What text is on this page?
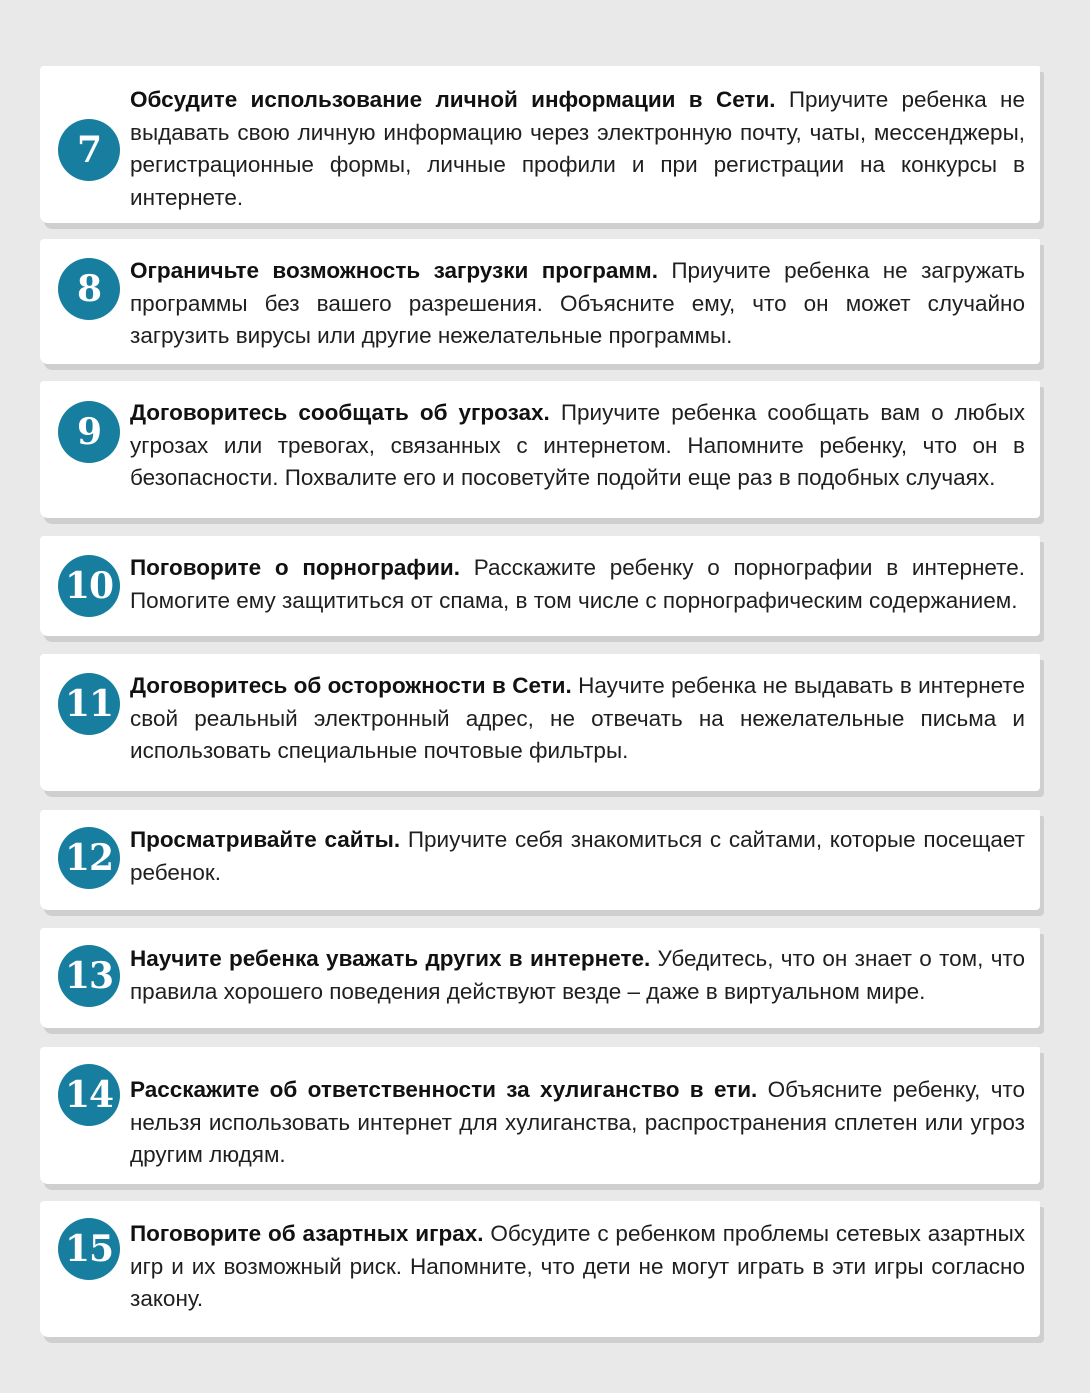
7
Обсудите использование личной информации в Сети. Приучите ребенка не выдавать свою личную информацию через электронную почту, чаты, мессенджеры, регистрационные формы, личные профили и при регистрации на конкурсы в интернете.
8	Ограничьте возможность загрузки программ. Приучите ребенка не загружать программы без вашего разрешения. Объясните ему, что он может случайно загрузить вирусы или другие нежелательные программы.
9	Договоритесь сообщать об угрозах. Приучите ребенка сообщать вам о любых угрозах или тревогах, связанных с интернетом. Напомните ребенку, что он в безопасности. Похвалите его и посоветуйте подойти еще раз в подобных случаях.
10 Поговорите о порнографии. Расскажите ребенку о порнографии в интернете. Помогите ему защититься от спама, в том числе с порнографическим содержанием.
11 Договоритесь об осторожности в Сети. Научите ребенка не выдавать в интернете свой реальный электронный адрес, не отвечать на нежелательные письма и использовать специальные почтовые фильтры.
12 Просматривайте сайты. Приучите себя знакомиться с сайтами, которые посещает ребенок.
13 Научите ребенка уважать других в интернете. Убедитесь, что он знает о том, что правила хорошего поведения действуют везде – даже в виртуальном мире.
14 Расскажите об ответственности за хулиганство в ети. Объясните ребенку, что нельзя использовать интернет для хулиганства, распространения сплетен или угроз другим людям.
15 Поговорите об азартных играх. Обсудите с ребенком проблемы сетевых азартных игр и их возможный риск. Напомните, что дети не могут играть в эти игры согласно закону.
